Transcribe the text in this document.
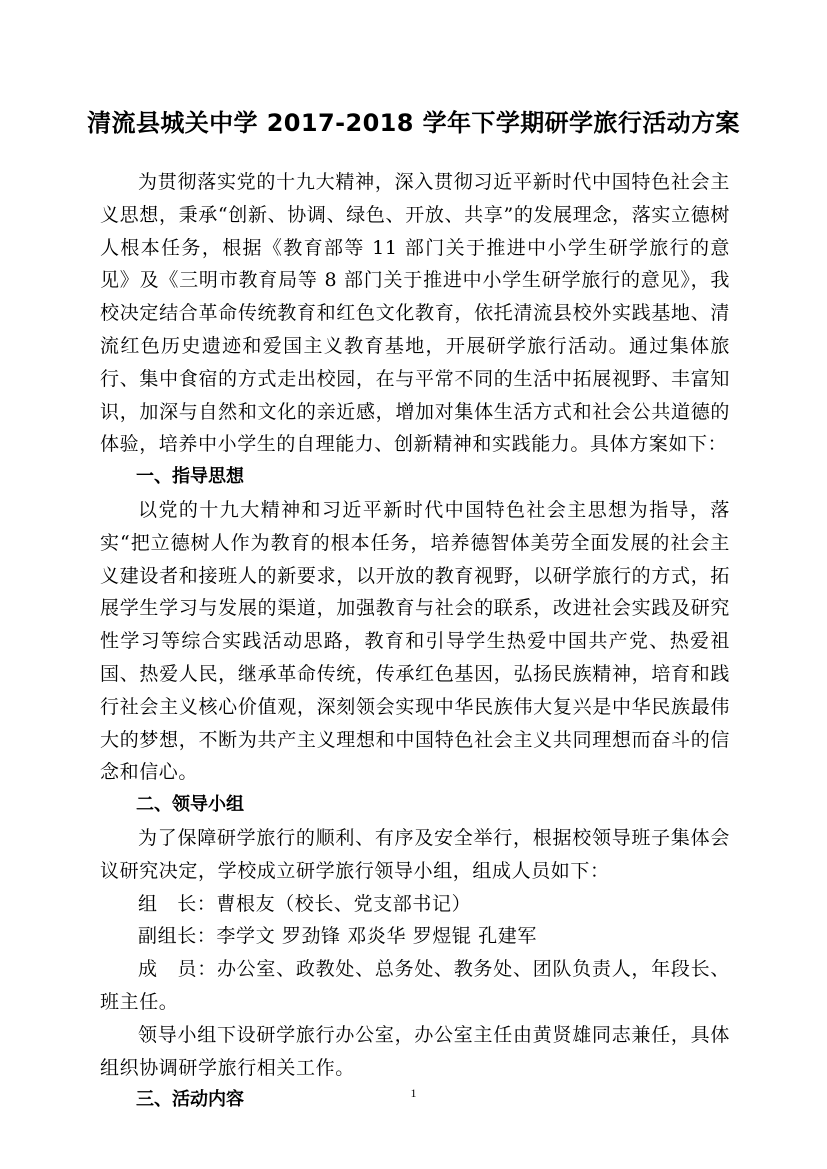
清流县城关中学 2017-2018 学年下学期研学旅行活动方案

为贯彻落实党的十九大精神，深入贯彻习近平新时代中国特色社会主义思想，秉承“创新、协调、绿色、开放、共享”的发展理念，落实立德树人根本任务，根据《教育部等 11 部门关于推进中小学生研学旅行的意见》及《三明市教育局等 8 部门关于推进中小学生研学旅行的意见》，我校决定结合革命传统教育和红色文化教育，依托清流县校外实践基地、清流红色历史遗迹和爱国主义教育基地，开展研学旅行活动。通过集体旅行、集中食宿的方式走出校园，在与平常不同的生活中拓展视野、丰富知识，加深与自然和文化的亲近感，增加对集体生活方式和社会公共道德的体验，培养中小学生的自理能力、创新精神和实践能力。具体方案如下：

一、指导思想

以党的十九大精神和习近平新时代中国特色社会主思想为指导，落实“把立德树人作为教育的根本任务，培养德智体美劳全面发展的社会主义建设者和接班人的新要求，以开放的教育视野，以研学旅行的方式，拓展学生学习与发展的渠道，加强教育与社会的联系，改进社会实践及研究性学习等综合实践活动思路，教育和引导学生热爱中国共产党、热爱祖国、热爱人民，继承革命传统，传承红色基因，弘扬民族精神，培育和践行社会主义核心价值观，深刻领会实现中华民族伟大复兴是中华民族最伟大的梦想，不断为共产主义理想和中国特色社会主义共同理想而奋斗的信念和信心。

二、领导小组

为了保障研学旅行的顺利、有序及安全举行，根据校领导班子集体会议研究决定，学校成立研学旅行领导小组，组成人员如下：

组　长：曹根友（校长、党支部书记）

副组长：李学文 罗劲锋 邓炎华 罗煜锟 孔建军

成　员：办公室、政教处、总务处、教务处、团队负责人，年段长、班主任。

领导小组下设研学旅行办公室，办公室主任由黄贤雄同志兼任，具体组织协调研学旅行相关工作。

三、活动内容	1
